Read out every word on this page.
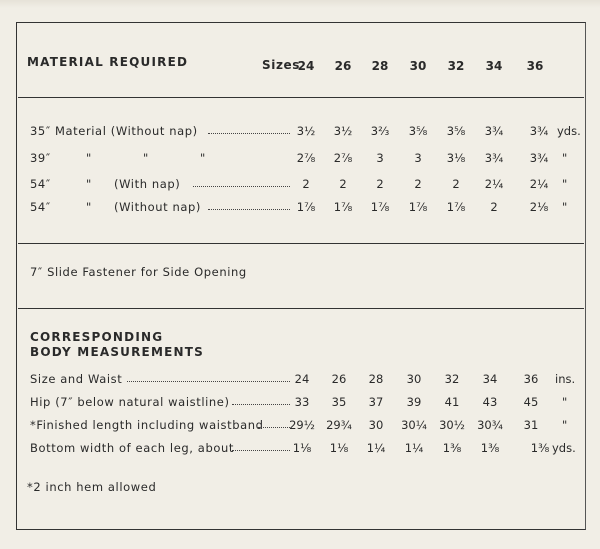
MATERIAL REQUIRED	Sizes
24	26	28	30	32	34	36
35″ Material (Without nap)
39″	"	"	"
54″	" (With nap)
54″	" (Without nap)
3½	3½	3⅔	3⅝	3⅝	3¾	3¾ yds.
2⅞	2⅞	3	3	3⅛	3¾	3¾	"
2	2	2	2	2	2¼	2¼	"
1⅞	1⅞	1⅞	1⅞	1⅞	2	2⅛	"
7″ Slide Fastener for Side Opening
CORRESPONDING
BODY MEASUREMENTS
Size and Waist
Hip (7″ below natural waistline)
*Finished length including waistband
Bottom width of each leg, about
24	26	28	30	32	34	36	ins.
33	35	37	39	41	43	45	"
29½ 29¾	30	30¼	30½	30¾	31	"
1⅛	1⅛	1¼	1¼	1⅜	1⅜	1⅜ yds.
*2 inch hem allowed
